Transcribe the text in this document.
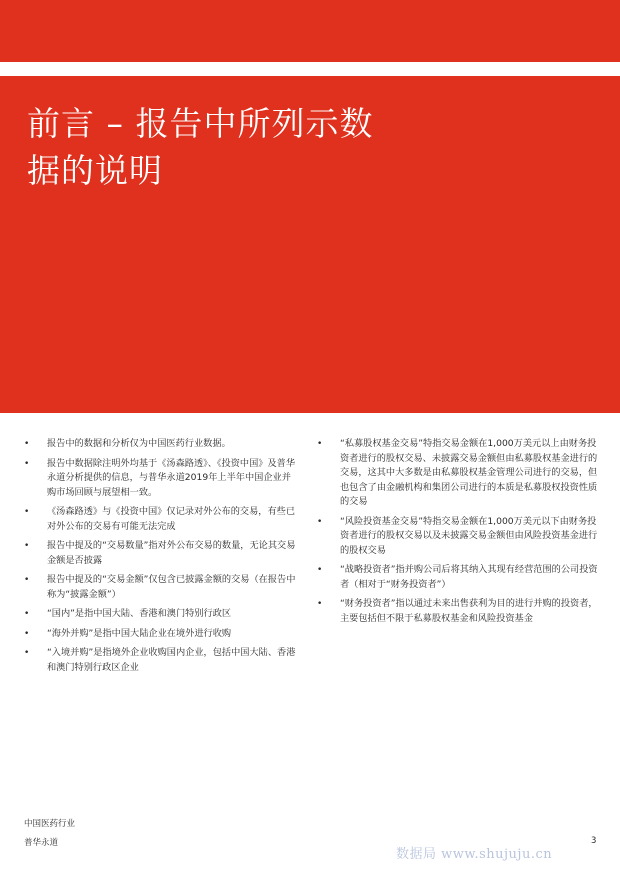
前言 – 报告中所列示数
据的说明
• 报告中的数据和分析仅为中国医药行业数据。
• 报告中数据除注明外均基于《汤森路透》、《投资中国》及普华永道分析提供的信息，与普华永道2019年上半年中国企业并购市场回顾与展望相一致。
• 《汤森路透》与《投资中国》仅记录对外公布的交易，有些已对外公布的交易有可能无法完成
• 报告中提及的“交易数量”指对外公布交易的数量，无论其交易金额是否披露
• 报告中提及的“交易金额”仅包含已披露金额的交易（在报告中称为“披露金额”）
• “国内”是指中国大陆、香港和澳门特别行政区
• “海外并购”是指中国大陆企业在境外进行收购
• “入境并购”是指境外企业收购国内企业，包括中国大陆、香港和澳门特别行政区企业
• “私募股权基金交易”特指交易金额在1,000万美元以上由财务投资者进行的股权交易、未披露交易金额但由私募股权基金进行的交易，这其中大多数是由私募股权基金管理公司进行的交易，但也包含了由金融机构和集团公司进行的本质是私募股权投资性质的交易
• “风险投资基金交易”特指交易金额在1,000万美元以下由财务投资者进行的股权交易以及未披露交易金额但由风险投资基金进行的股权交易
• “战略投资者”指并购公司后将其纳入其现有经营范围的公司投资者（相对于“财务投资者”）
• “财务投资者”指以通过未来出售获利为目的进行并购的投资者，主要包括但不限于私募股权基金和风险投资基金
中国医药行业
普华永道	3
数据局 www.shujuju.cn
